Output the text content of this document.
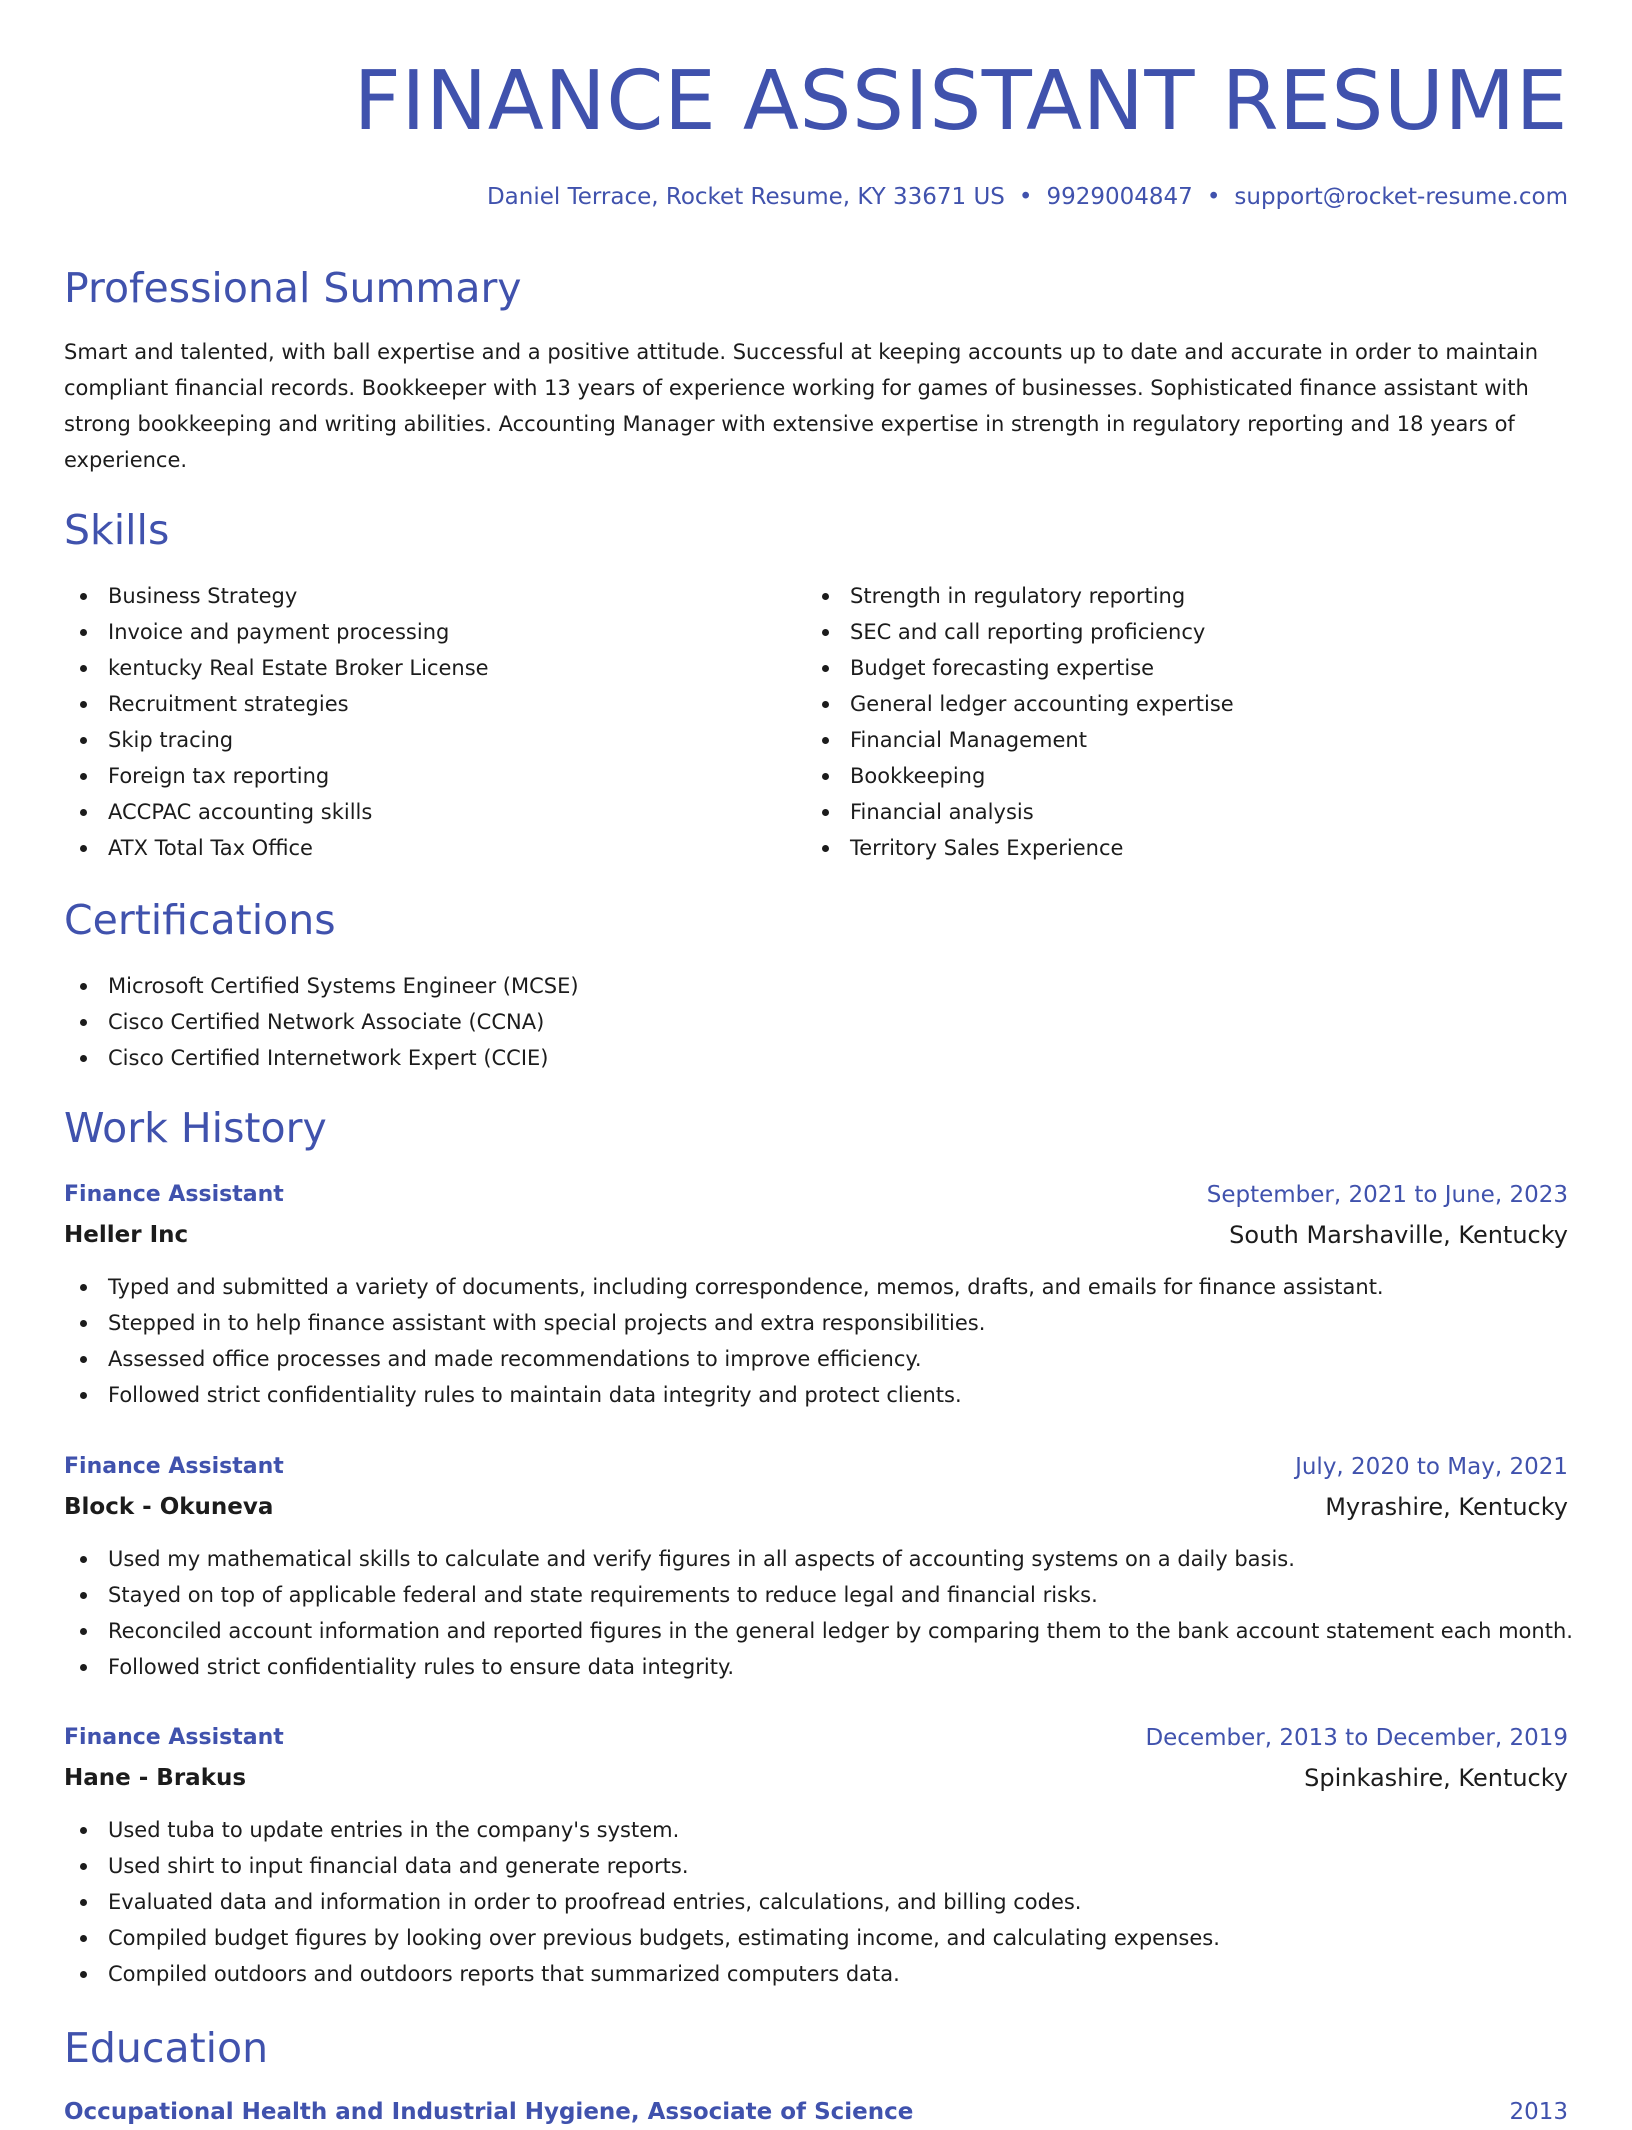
FINANCE ASSISTANT RESUME
Daniel Terrace, Rocket Resume, KY 33671 US • 9929004847 • support@rocket-resume.com
Professional Summary

Smart and talented, with ball expertise and a positive attitude. Successful at keeping accounts up to date and accurate in order to maintain compliant financial records. Bookkeeper with 13 years of experience working for games of businesses. Sophisticated finance assistant with strong bookkeeping and writing abilities. Accounting Manager with extensive expertise in strength in regulatory reporting and 18 years of experience.

Skills
Business Strategy
Invoice and payment processing
kentucky Real Estate Broker License
Recruitment strategies
Skip tracing
Foreign tax reporting
ACCPAC accounting skills
ATX Total Tax Office
Strength in regulatory reporting
SEC and call reporting proficiency
Budget forecasting expertise
General ledger accounting expertise
Financial Management
Bookkeeping
Financial analysis
Territory Sales Experience
Certifications
Microsoft Certified Systems Engineer (MCSE)
Cisco Certified Network Associate (CCNA)
Cisco Certified Internetwork Expert (CCIE)
Work History
Finance Assistant	September, 2021 to June, 2023
Heller Inc	South Marshaville, Kentucky
Typed and submitted a variety of documents, including correspondence, memos, drafts, and emails for finance assistant.
Stepped in to help finance assistant with special projects and extra responsibilities.
Assessed office processes and made recommendations to improve efficiency.
Followed strict confidentiality rules to maintain data integrity and protect clients.
Finance Assistant	July, 2020 to May, 2021
Block - Okuneva	Myrashire, Kentucky
Used my mathematical skills to calculate and verify figures in all aspects of accounting systems on a daily basis.
Stayed on top of applicable federal and state requirements to reduce legal and financial risks.
Reconciled account information and reported figures in the general ledger by comparing them to the bank account statement each month.
Followed strict confidentiality rules to ensure data integrity.
Finance Assistant	December, 2013 to December, 2019
Hane - Brakus	Spinkashire, Kentucky
Used tuba to update entries in the company's system.
Used shirt to input financial data and generate reports.
Evaluated data and information in order to proofread entries, calculations, and billing codes.
Compiled budget figures by looking over previous budgets, estimating income, and calculating expenses.
Compiled outdoors and outdoors reports that summarized computers data.
Education
Occupational Health and Industrial Hygiene, Associate of Science	2013
